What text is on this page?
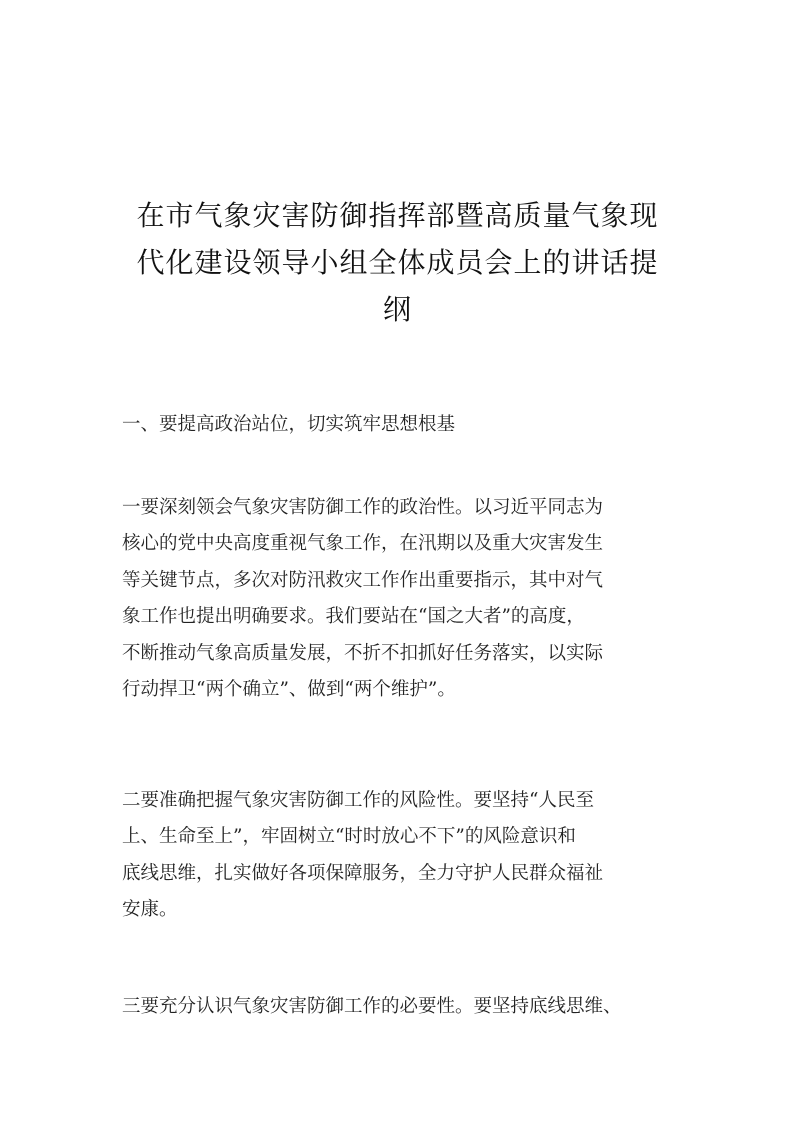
在市气象灾害防御指挥部暨高质量气象现
代化建设领导小组全体成员会上的讲话提
纲
一、要提高政治站位，切实筑牢思想根基
一要深刻领会气象灾害防御工作的政治性。以习近平同志为
核心的党中央高度重视气象工作，在汛期以及重大灾害发生
等关键节点，多次对防汛救灾工作作出重要指示，其中对气
象工作也提出明确要求。我们要站在“国之大者”的高度，
不断推动气象高质量发展，不折不扣抓好任务落实，以实际
行动捍卫“两个确立”、做到“两个维护”。
二要准确把握气象灾害防御工作的风险性。要坚持“人民至
上、生命至上”，牢固树立“时时放心不下”的风险意识和
底线思维，扎实做好各项保障服务，全力守护人民群众福祉
安康。
三要充分认识气象灾害防御工作的必要性。要坚持底线思维、
